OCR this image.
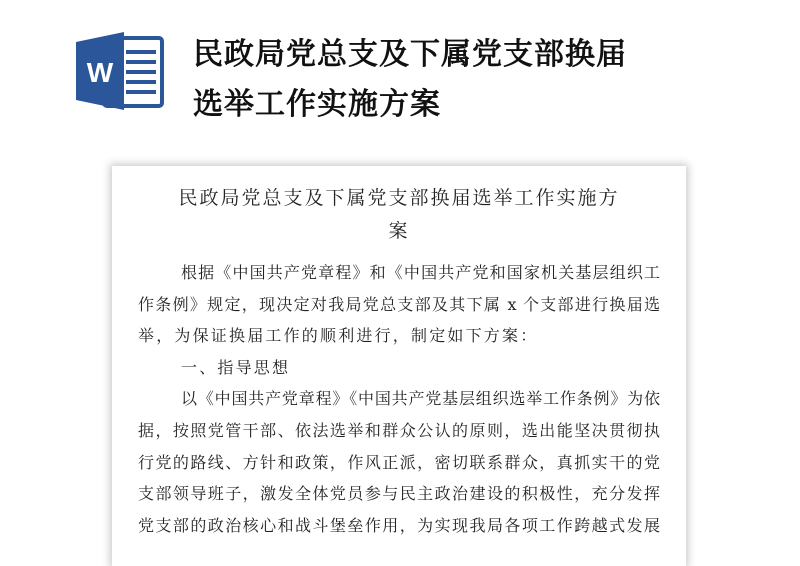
W
民政局党总支及下属党支部换届
选举工作实施方案
民政局党总支及下属党支部换届选举工作实施方
案
根据《中国共产党章程》和《中国共产党和国家机关基层组织工
作条例》规定，现决定对我局党总支部及其下属 x 个支部进行换届选
举，为保证换届工作的顺利进行，制定如下方案：
一、指导思想
以《中国共产党章程》《中国共产党基层组织选举工作条例》为依
据，按照党管干部、依法选举和群众公认的原则，选出能坚决贯彻执
行党的路线、方针和政策，作风正派，密切联系群众，真抓实干的党
支部领导班子，激发全体党员参与民主政治建设的积极性，充分发挥
党支部的政治核心和战斗堡垒作用，为实现我局各项工作跨越式发展
